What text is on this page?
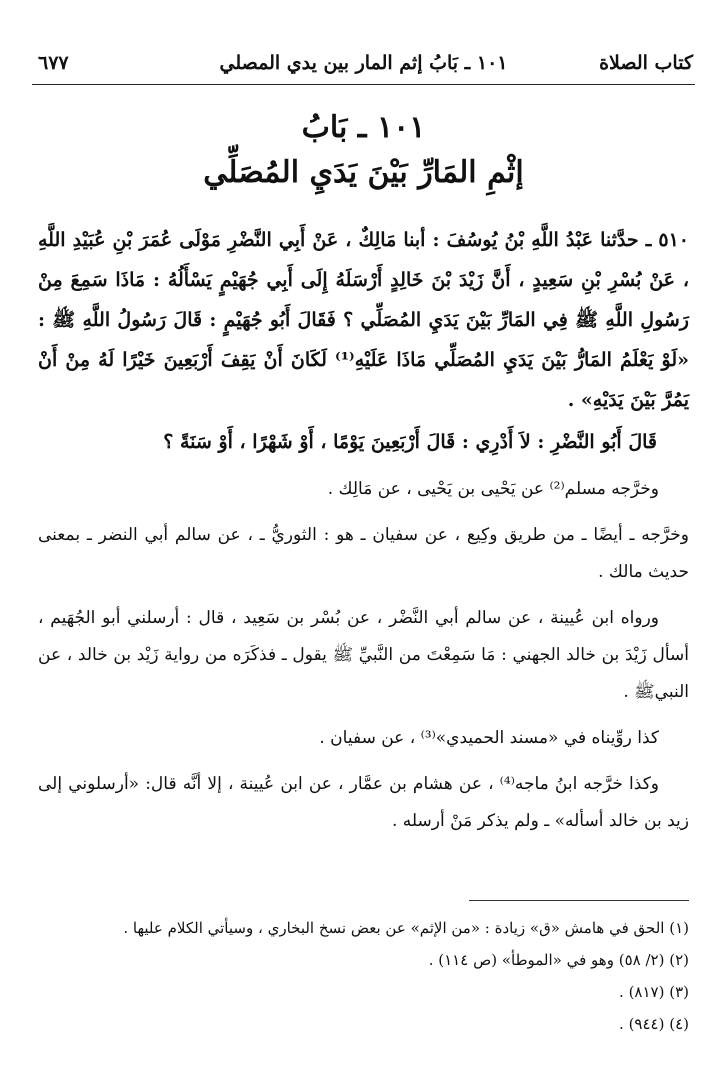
كتاب الصلاة
١٠١ ـ بَابُ إثم المار بين يدي المصلي
٦٧٧
١٠١ ـ بَابُ
إثْمِ المَارِّ بَيْنَ يَدَيِ المُصَلِّي

٥١٠ ـ حدَّثنا عَبْدُ اللَّهِ بْنُ يُوسُفَ : أبنا مَالِكٌ ، عَنْ أَبِي النَّضْرِ مَوْلَى عُمَرَ بْنِ عُبَيْدِ اللَّهِ ، عَنْ بُسْرِ بْنِ سَعِيدٍ ، أَنَّ زَيْدَ بْنَ خَالِدٍ أَرْسَلَهُ إِلَى أَبِي جُهَيْمٍ يَسْأَلُهُ : مَاذَا سَمِعَ مِنْ رَسُولِ اللَّهِ ﷺ فِي المَارِّ بَيْنَ يَدَيِ المُصَلِّي ؟ فَقَالَ أَبُو جُهَيْمٍ : قَالَ رَسُولُ اللَّهِ ﷺ : «لَوْ يَعْلَمُ المَارُّ بَيْنَ يَدَيِ المُصَلِّي مَاذَا عَلَيْهِ⁽¹⁾ لَكَانَ أَنْ يَقِفَ أَرْبَعِينَ خَيْرًا لَهُ مِنْ أَنْ يَمُرَّ بَيْنَ يَدَيْهِ» .

قَالَ أَبُو النَّضْرِ : لاَ أَدْرِي : قَالَ أَرْبَعِينَ يَوْمًا ، أَوْ شَهْرًا ، أَوْ سَنَةً ؟

وخرَّجه مسلم⁽²⁾ عن يَحْيى بن يَحْيى ، عن مَالِك .

وخرَّجه ـ أيضًا ـ من طريق وكِيع ، عن سفيان ـ هو : الثوريُّ ـ ، عن سالم أبي النضر ـ بمعنى حديث مالك .

ورواه ابن عُيينة ، عن سالم أبي النَّضْر ، عن بُسْر بن سَعِيد ، قال : أرسلني أبو الجُهَيم ، أسأل زَيْدَ بن خالد الجهني : مَا سَمِعْتَ من النَّبيِّ ﷺ يقول ـ فذكَرَه من رواية زَيْد بن خالد ، عن النبيﷺ .

كذا روِّيناه في «مسند الحميدي»⁽³⁾ ، عن سفيان .

وكذا خرَّجه ابنُ ماجه⁽⁴⁾ ، عن هشام بن عمَّار ، عن ابن عُيينة ، إلا أنَّه قال: «أرسلوني إلى زيد بن خالد أسأله» ـ ولم يذكر مَنْ أرسله .

(١) الحق في هامش «ق» زيادة : «من الإثم» عن بعض نسخ البخاري ، وسيأتي الكلام عليها .

(٢) (٢/ ٥٨) وهو في «الموطأ» (ص ١١٤) .

(٣) (٨١٧) .

(٤) (٩٤٤) .
